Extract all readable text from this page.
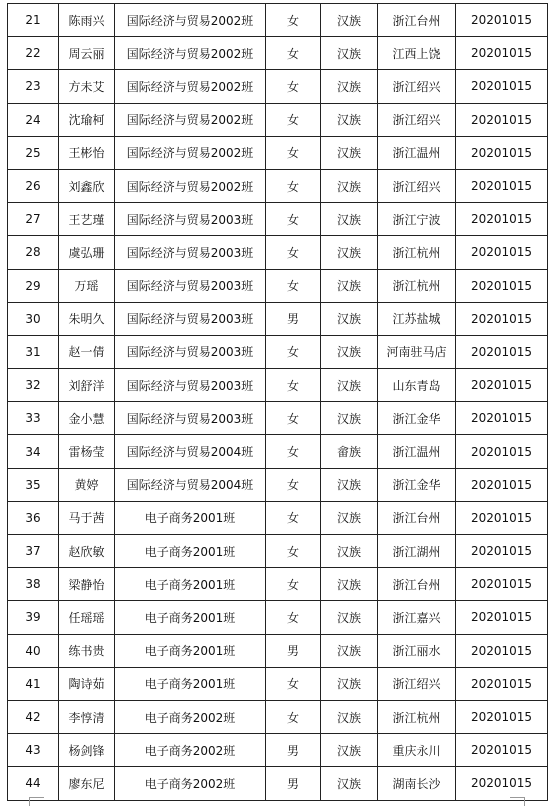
21	陈雨兴	国际经济与贸易2002班	女	汉族	浙江台州	20201015
22	周云丽	国际经济与贸易2002班	女	汉族	江西上饶	20201015
23	方未艾	国际经济与贸易2002班	女	汉族	浙江绍兴	20201015
24	沈瑜柯	国际经济与贸易2002班	女	汉族	浙江绍兴	20201015
25	王彬怡	国际经济与贸易2002班	女	汉族	浙江温州	20201015
26	刘鑫欣	国际经济与贸易2002班	女	汉族	浙江绍兴	20201015
27	王艺瑾	国际经济与贸易2003班	女	汉族	浙江宁波	20201015
28	虞弘珊	国际经济与贸易2003班	女	汉族	浙江杭州	20201015
29	万瑶	国际经济与贸易2003班	女	汉族	浙江杭州	20201015
30	朱明久	国际经济与贸易2003班	男	汉族	江苏盐城	20201015
31	赵一倩	国际经济与贸易2003班	女	汉族	河南驻马店	20201015
32	刘舒洋	国际经济与贸易2003班	女	汉族	山东青岛	20201015
33	金小慧	国际经济与贸易2003班	女	汉族	浙江金华	20201015
34	雷杨莹	国际经济与贸易2004班	女	畲族	浙江温州	20201015
35	黄婷	国际经济与贸易2004班	女	汉族	浙江金华	20201015
36	马于茜	电子商务2001班	女	汉族	浙江台州	20201015
37	赵欣敏	电子商务2001班	女	汉族	浙江湖州	20201015
38	梁静怡	电子商务2001班	女	汉族	浙江台州	20201015
39	任瑶瑶	电子商务2001班	女	汉族	浙江嘉兴	20201015
40	练书贵	电子商务2001班	男	汉族	浙江丽水	20201015
41	陶诗茹	电子商务2001班	女	汉族	浙江绍兴	20201015
42	李惇清	电子商务2002班	女	汉族	浙江杭州	20201015
43	杨剑锋	电子商务2002班	男	汉族	重庆永川	20201015
44	廖东尼	电子商务2002班	男	汉族	湖南长沙	20201015
